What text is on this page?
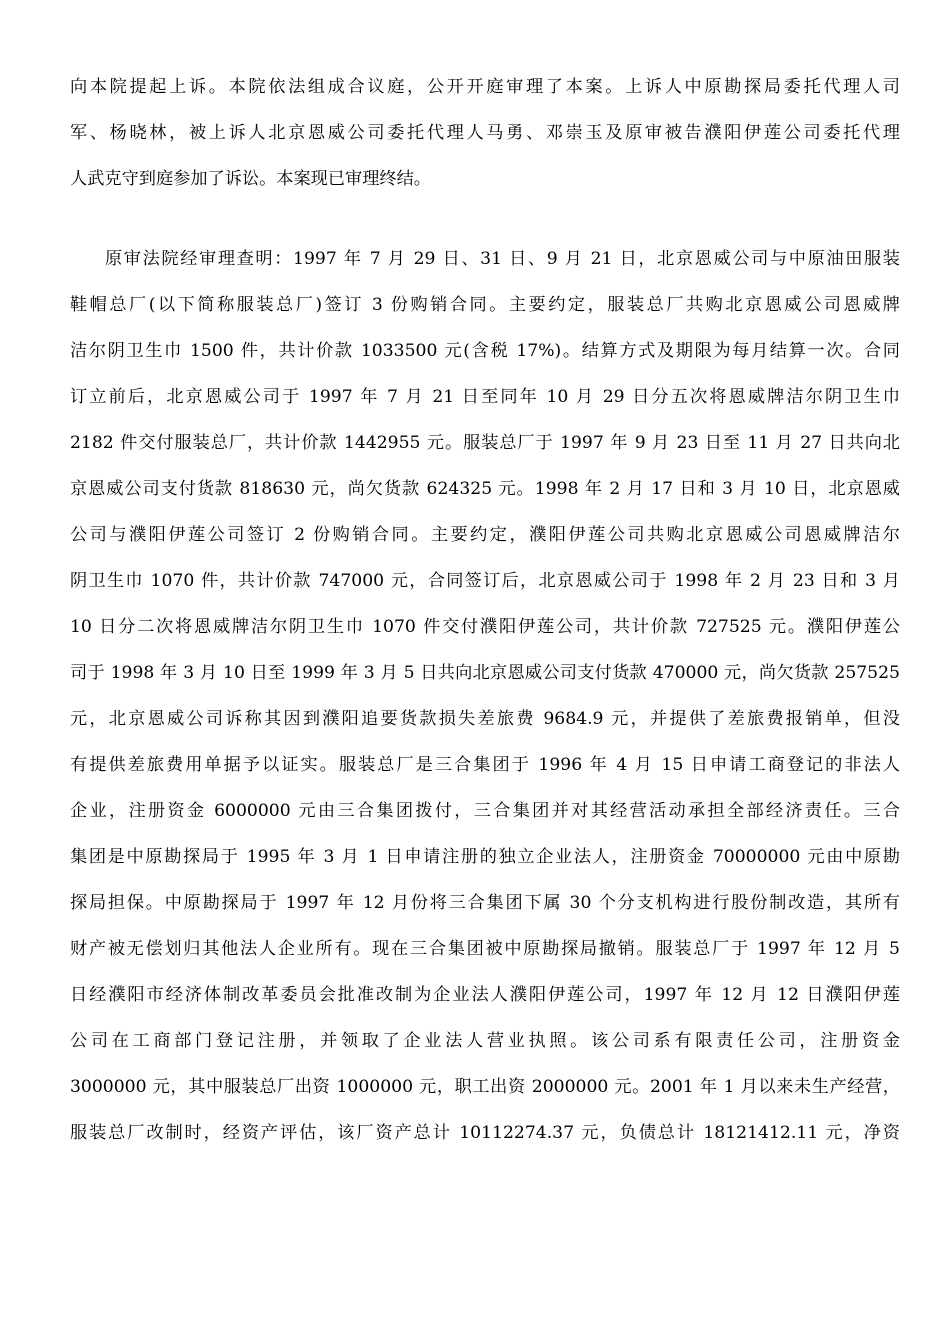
向本院提起上诉。本院依法组成合议庭，公开开庭审理了本案。上诉人中原勘探局委托代理人司
军、杨晓林，被上诉人北京恩威公司委托代理人马勇、邓崇玉及原审被告濮阳伊莲公司委托代理
人武克守到庭参加了诉讼。本案现已审理终结。
原审法院经审理查明：1997 年 7 月 29 日、31 日、9 月 21 日，北京恩威公司与中原油田服装
鞋帽总厂(以下简称服装总厂)签订 3 份购销合同。主要约定，服装总厂共购北京恩威公司恩威牌
洁尔阴卫生巾 1500 件，共计价款 1033500 元(含税 17%)。结算方式及期限为每月结算一次。合同
订立前后，北京恩威公司于 1997 年 7 月 21 日至同年 10 月 29 日分五次将恩威牌洁尔阴卫生巾
2182 件交付服装总厂，共计价款 1442955 元。服装总厂于 1997 年 9 月 23 日至 11 月 27 日共向北
京恩威公司支付货款 818630 元，尚欠货款 624325 元。1998 年 2 月 17 日和 3 月 10 日，北京恩威
公司与濮阳伊莲公司签订 2 份购销合同。主要约定，濮阳伊莲公司共购北京恩威公司恩威牌洁尔
阴卫生巾 1070 件，共计价款 747000 元，合同签订后，北京恩威公司于 1998 年 2 月 23 日和 3 月
10 日分二次将恩威牌洁尔阴卫生巾 1070 件交付濮阳伊莲公司，共计价款 727525 元。濮阳伊莲公
司于 1998 年 3 月 10 日至 1999 年 3 月 5 日共向北京恩威公司支付货款 470000 元，尚欠货款 257525
元，北京恩威公司诉称其因到濮阳追要货款损失差旅费 9684.9 元，并提供了差旅费报销单，但没
有提供差旅费用单据予以证实。服装总厂是三合集团于 1996 年 4 月 15 日申请工商登记的非法人
企业，注册资金 6000000 元由三合集团拨付，三合集团并对其经营活动承担全部经济责任。三合
集团是中原勘探局于 1995 年 3 月 1 日申请注册的独立企业法人，注册资金 70000000 元由中原勘
探局担保。中原勘探局于 1997 年 12 月份将三合集团下属 30 个分支机构进行股份制改造，其所有
财产被无偿划归其他法人企业所有。现在三合集团被中原勘探局撤销。服装总厂于 1997 年 12 月 5
日经濮阳市经济体制改革委员会批准改制为企业法人濮阳伊莲公司，1997 年 12 月 12 日濮阳伊莲
公司在工商部门登记注册，并领取了企业法人营业执照。该公司系有限责任公司，注册资金
3000000 元，其中服装总厂出资 1000000 元，职工出资 2000000 元。2001 年 1 月以来未生产经营，
服装总厂改制时，经资产评估，该厂资产总计 10112274.37 元，负债总计 18121412.11 元，净资
